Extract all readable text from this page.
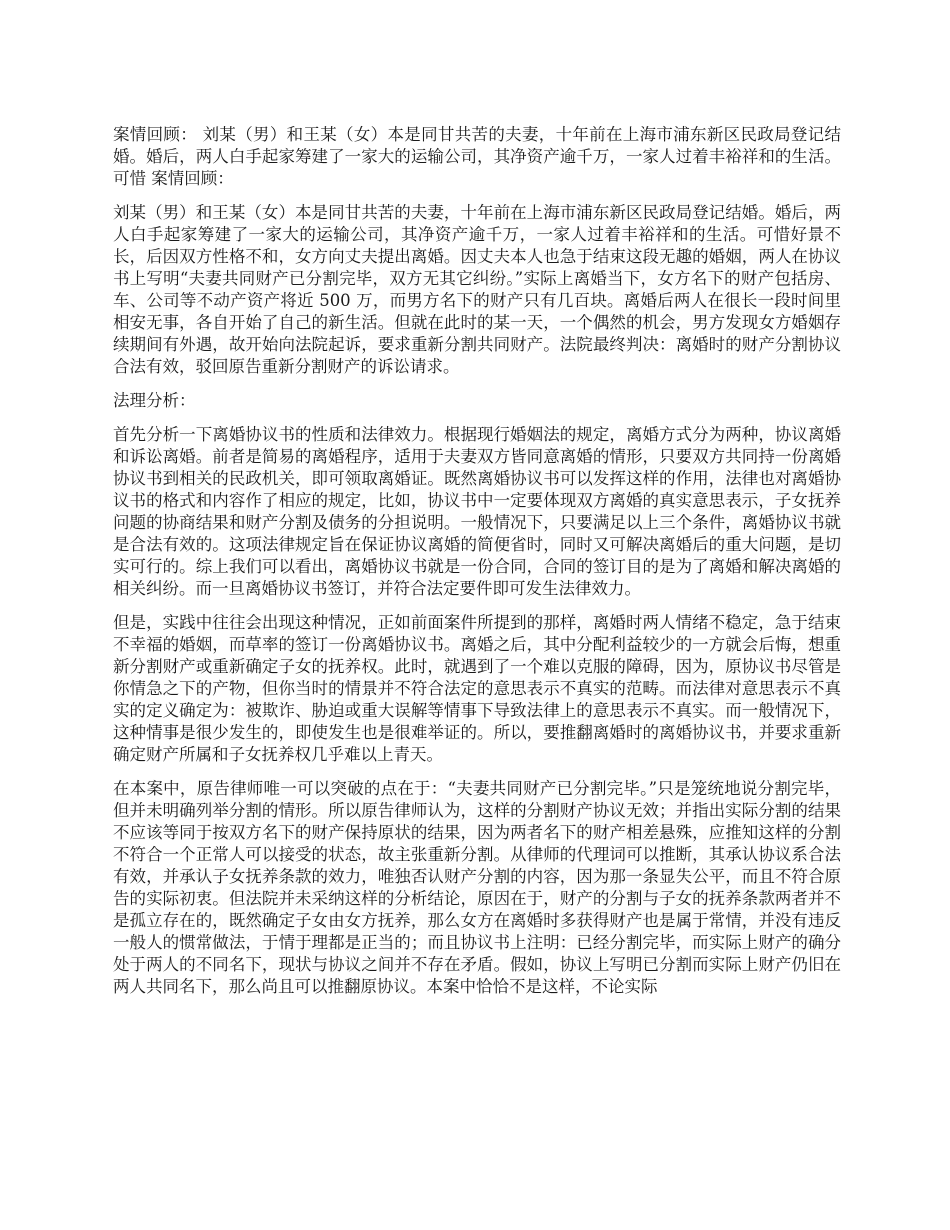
案情回顾： 刘某（男）和王某（女）本是同甘共苦的夫妻，十年前在上海市浦东新区民政局登记结婚。婚后，两人白手起家筹建了一家大的运输公司，其净资产逾千万，一家人过着丰裕祥和的生活。可惜 案情回顾：

刘某（男）和王某（女）本是同甘共苦的夫妻，十年前在上海市浦东新区民政局登记结婚。婚后，两人白手起家筹建了一家大的运输公司，其净资产逾千万，一家人过着丰裕祥和的生活。可惜好景不长，后因双方性格不和，女方向丈夫提出离婚。因丈夫本人也急于结束这段无趣的婚姻，两人在协议书上写明“夫妻共同财产已分割完毕，双方无其它纠纷。”实际上离婚当下，女方名下的财产包括房、车、公司等不动产资产将近 500 万，而男方名下的财产只有几百块。离婚后两人在很长一段时间里相安无事，各自开始了自己的新生活。但就在此时的某一天，一个偶然的机会，男方发现女方婚姻存续期间有外遇，故开始向法院起诉，要求重新分割共同财产。法院最终判决：离婚时的财产分割协议合法有效，驳回原告重新分割财产的诉讼请求。

法理分析：

首先分析一下离婚协议书的性质和法律效力。根据现行婚姻法的规定，离婚方式分为两种，协议离婚和诉讼离婚。前者是简易的离婚程序，适用于夫妻双方皆同意离婚的情形，只要双方共同持一份离婚协议书到相关的民政机关，即可领取离婚证。既然离婚协议书可以发挥这样的作用，法律也对离婚协议书的格式和内容作了相应的规定，比如，协议书中一定要体现双方离婚的真实意思表示，子女抚养问题的协商结果和财产分割及债务的分担说明。一般情况下，只要满足以上三个条件，离婚协议书就是合法有效的。这项法律规定旨在保证协议离婚的简便省时，同时又可解决离婚后的重大问题，是切实可行的。综上我们可以看出，离婚协议书就是一份合同，合同的签订目的是为了离婚和解决离婚的相关纠纷。而一旦离婚协议书签订，并符合法定要件即可发生法律效力。

但是，实践中往往会出现这种情况，正如前面案件所提到的那样，离婚时两人情绪不稳定，急于结束不幸福的婚姻，而草率的签订一份离婚协议书。离婚之后，其中分配利益较少的一方就会后悔，想重新分割财产或重新确定子女的抚养权。此时，就遇到了一个难以克服的障碍，因为，原协议书尽管是你情急之下的产物，但你当时的情景并不符合法定的意思表示不真实的范畴。而法律对意思表示不真实的定义确定为：被欺诈、胁迫或重大误解等情事下导致法律上的意思表示不真实。而一般情况下，这种情事是很少发生的，即使发生也是很难举证的。所以，要推翻离婚时的离婚协议书，并要求重新确定财产所属和子女抚养权几乎难以上青天。

在本案中，原告律师唯一可以突破的点在于：“夫妻共同财产已分割完毕。”只是笼统地说分割完毕，但并未明确列举分割的情形。所以原告律师认为，这样的分割财产协议无效；并指出实际分割的结果不应该等同于按双方名下的财产保持原状的结果，因为两者名下的财产相差悬殊，应推知这样的分割不符合一个正常人可以接受的状态，故主张重新分割。从律师的代理词可以推断，其承认协议系合法有效，并承认子女抚养条款的效力，唯独否认财产分割的内容，因为那一条显失公平，而且不符合原告的实际初衷。但法院并未采纳这样的分析结论，原因在于，财产的分割与子女的抚养条款两者并不是孤立存在的，既然确定子女由女方抚养，那么女方在离婚时多获得财产也是属于常情，并没有违反一般人的惯常做法，于情于理都是正当的；而且协议书上注明：已经分割完毕，而实际上财产的确分处于两人的不同名下，现状与协议之间并不存在矛盾。假如，协议上写明已分割而实际上财产仍旧在两人共同名下，那么尚且可以推翻原协议。本案中恰恰不是这样，不论实际
